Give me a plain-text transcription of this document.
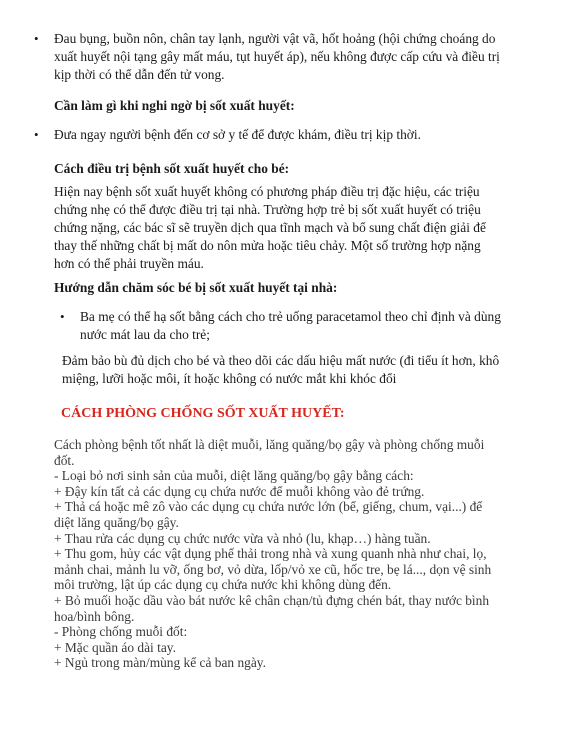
• Đau bụng, buồn nôn, chân tay lạnh, người vật vã, hốt hoảng (hội chứng choáng do
xuất huyết nội tạng gây mất máu, tụt huyết áp), nếu không được cấp cứu và điều trị
kịp thời có thể dẫn đến tử vong.
Cần làm gì khi nghi ngờ bị sốt xuất huyết:
• Đưa ngay người bệnh đến cơ sở y tế để được khám, điều trị kịp thời.
Cách điều trị bệnh sốt xuất huyết cho bé:
Hiện nay bệnh sốt xuất huyết không có phương pháp điều trị đặc hiệu, các triệu
chứng nhẹ có thể được điều trị tại nhà. Trường hợp trẻ bị sốt xuất huyết có triệu
chứng nặng, các bác sĩ sẽ truyền dịch qua tĩnh mạch và bổ sung chất điện giải để
thay thế những chất bị mất do nôn mửa hoặc tiêu chảy. Một số trường hợp nặng
hơn có thể phải truyền máu.
Hướng dẫn chăm sóc bé bị sốt xuất huyết tại nhà:
• Ba mẹ có thể hạ sốt bằng cách cho trẻ uống paracetamol theo chỉ định và dùng
nước mát lau da cho trẻ;
Đảm bảo bù đủ dịch cho bé và theo dõi các dấu hiệu mất nước (đi tiểu ít hơn, khô
miệng, lưỡi hoặc môi, ít hoặc không có nước mắt khi khóc đổi
CÁCH PHÒNG CHỐNG SỐT XUẤT HUYẾT:
Cách phòng bệnh tốt nhất là diệt muỗi, lăng quăng/bọ gậy và phòng chống muỗi
đốt.
- Loại bỏ nơi sinh sản của muỗi, diệt lăng quăng/bọ gậy bằng cách:
+ Đậy kín tất cả các dụng cụ chứa nước để muỗi không vào đẻ trứng.
+ Thả cá hoặc mê zô vào các dụng cụ chứa nước lớn (bể, giếng, chum, vại...) để
diệt lăng quăng/bọ gậy.
+ Thau rửa các dụng cụ chức nước vừa và nhỏ (lu, khạp…) hàng tuần.
+ Thu gom, hủy các vật dụng phế thải trong nhà và xung quanh nhà như chai, lọ,
mảnh chai, mảnh lu vỡ, ống bơ, vỏ dừa, lốp/vỏ xe cũ, hốc tre, bẹ lá..., dọn vệ sinh
môi trường, lật úp các dụng cụ chứa nước khi không dùng đến.
+ Bỏ muối hoặc dầu vào bát nước kê chân chạn/tủ đựng chén bát, thay nước bình
hoa/bình bông.
- Phòng chống muỗi đốt:
+ Mặc quần áo dài tay.
+ Ngủ trong màn/mùng kể cả ban ngày.
